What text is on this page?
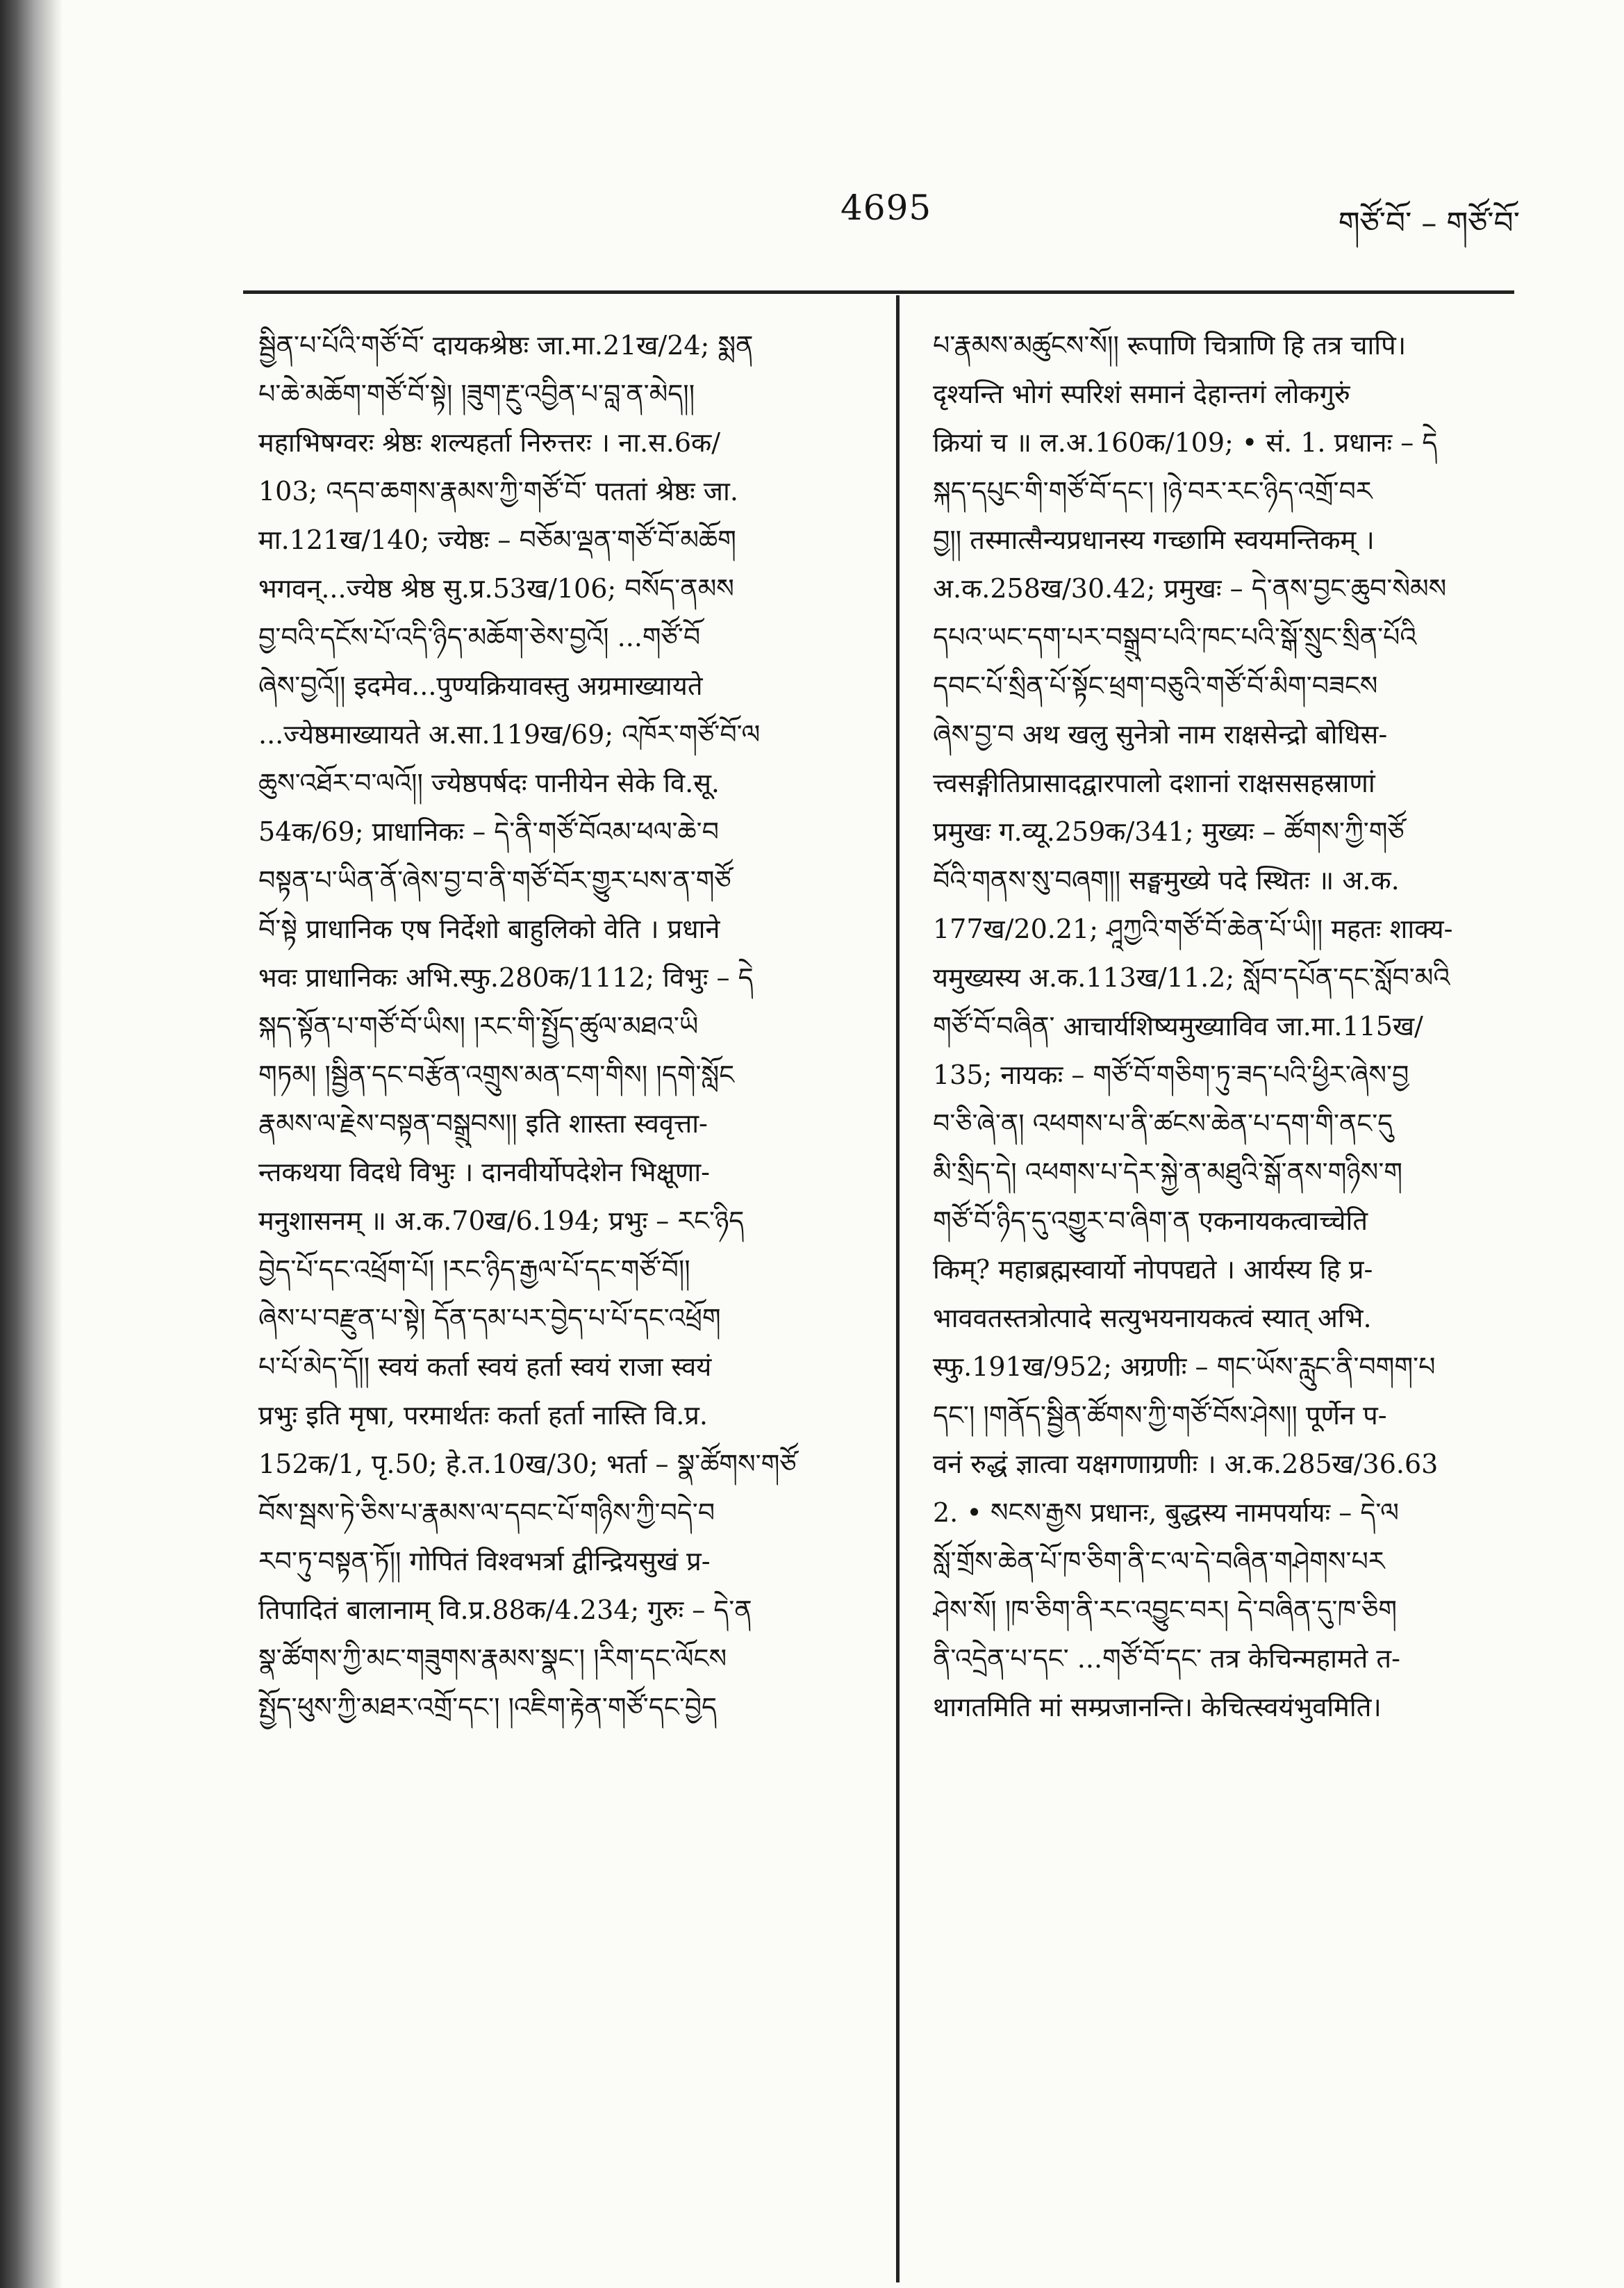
4695	གཙོ་བོ་ – གཙོ་བོ་
སྦྱིན་པ་པོའི་གཙོ་བོ་ दायकश्रेष्ठः जा.मा.21ख/24; སྨན
པ་ཆེ་མཆོག་གཙོ་བོ་སྟེ། །ཟུག་རྔུ་འབྱིན་པ་བླ་ན་མེད།།
महाभिषग्वरः श्रेष्ठः शल्यहर्ता निरुत्तरः । ना.स.6क/
103; འདབ་ཆགས་རྣམས་ཀྱི་གཙོ་བོ་ पततां श्रेष्ठः जा.
मा.121ख/140; ज्येष्ठः – བཅོམ་ལྡན་གཙོ་བོ་མཆོག
भगवन्...ज्येष्ठ श्रेष्ठ सु.प्र.53ख/106; བསོད་ནམས
བྱ་བའི་དངོས་པོ་འདི་ཉིད་མཆོག་ཅེས་བྱའོ། ...གཙོ་བོ
ཞེས་བྱའོ།། इदमेव...पुण्यक्रियावस्तु अग्रमाख्यायते
...ज्येष्ठमाख्यायते अ.सा.119ख/69; འཁོར་གཙོ་བོ་ལ
ཆུས་འཐོར་བ་ལའོ།། ज्येष्ठपर्षदः पानीयेन सेके वि.सू.
54क/69; प्राधानिकः – དེ་ནི་གཙོ་བོའམ་ཕལ་ཆེ་བ
བསྟན་པ་ཡིན་ནོ་ཞེས་བྱ་བ་ནི་གཙོ་བོར་གྱུར་པས་ན་གཙོ
བོ་སྟེ प्राधानिक एष निर्देशो बाहुलिको वेति । प्रधाने
भवः प्राधानिकः अभि.स्फु.280क/1112; विभुः – དེ
སྐད་སྟོན་པ་གཙོ་བོ་ཡིས། །རང་གི་སྤྱོད་ཚུལ་མཐའ་ཡི
གཏམ། །སྦྱིན་དང་བརྩོན་འགྲུས་མན་ངག་གིས། །དགེ་སློང
རྣམས་ལ་རྗེས་བསྟན་བསྒྲུབས།། इति शास्ता स्ववृत्ता-
न्तकथया विदधे विभुः । दानवीर्योपदेशेन भिक्षूणा-
मनुशासनम् ॥ अ.क.70ख/6.194; प्रभुः – རང་ཉིད
བྱེད་པོ་དང་འཕྲོག་པོ། །རང་ཉིད་རྒྱལ་པོ་དང་གཙོ་བོ།།
ཞེས་པ་བརྫུན་པ་སྟེ། དོན་དམ་པར་བྱེད་པ་པོ་དང་འཕྲོག
པ་པོ་མེད་དོ།། स्वयं कर्ता स्वयं हर्ता स्वयं राजा स्वयं
प्रभुः इति मृषा, परमार्थतः कर्ता हर्ता नास्ति वि.प्र.
152क/1, पृ.50; हे.त.10ख/30; भर्ता – སྣ་ཚོགས་གཙོ
བོས་སྦས་ཏེ་ཅིས་པ་རྣམས་ལ་དབང་པོ་གཉིས་ཀྱི་བདེ་བ
རབ་ཏུ་བསྟན་ཏོ།། गोपितं विश्वभर्त्रा द्वीन्द्रियसुखं प्र-
तिपादितं बालानाम् वि.प्र.88क/4.234; गुरुः – དེ་ན
སྣ་ཚོགས་ཀྱི་མང་གཟུགས་རྣམས་སྣང་། །རིག་དང་ལོངས
སྤྱོད་ཕུས་ཀྱི་མཐར་འགྲོ་དང་། །འཇིག་རྟེན་གཙོ་དང་བྱེད
པ་རྣམས་མཚུངས་སོ།། रूपाणि चित्राणि हि तत्र चापि।
दृश्यन्ति भोगं स्परिशं समानं देहान्तगं लोकगुरुं
क्रियां च ॥ ल.अ.160क/109; • सं. 1. प्रधानः – དེ
སྐད་དཔུང་གི་གཙོ་བོ་དང་། །ཉེ་བར་རང་ཉིད་འགྲོ་བར
བྱ།། तस्मात्सैन्यप्रधानस्य गच्छामि स्वयमन्तिकम् ।
अ.क.258ख/30.42; प्रमुखः – དེ་ནས་བྱང་ཆུབ་སེམས
དཔའ་ཡང་དག་པར་བསྒྲུབ་པའི་ཁང་པའི་སྒོ་སྲུང་སྲིན་པོའི
དབང་པོ་སྲིན་པོ་སྟོང་ཕྲག་བཅུའི་གཙོ་བོ་མིག་བཟངས
ཞེས་བྱ་བ अथ खलु सुनेत्रो नाम राक्षसेन्द्रो बोधिस-
त्त्वसङ्गीतिप्रासादद्वारपालो दशानां राक्षससहस्राणां
प्रमुखः ग.व्यू.259क/341; मुख्यः – ཚོགས་ཀྱི་གཙོ
བོའི་གནས་སུ་བཞག།། सङ्घमुख्ये पदे स्थितः ॥ अ.क.
177ख/20.21; ཤཱཀྱའི་གཙོ་བོ་ཆེན་པོ་ཡི།། महतः शाक्य-
यमुख्यस्य अ.क.113ख/11.2; སློབ་དཔོན་དང་སློབ་མའི
གཙོ་བོ་བཞིན་ आचार्यशिष्यमुख्याविव जा.मा.115ख/
135; नायकः – གཙོ་བོ་གཅིག་ཏུ་ཟད་པའི་ཕྱིར་ཞེས་བྱ
བ་ཅི་ཞེ་ན། འཕགས་པ་ནི་ཚངས་ཆེན་པ་དག་གི་ནང་དུ
མི་སྲིད་དེ། འཕགས་པ་དེར་སྐྱེ་ན་མཐུའི་སྒོ་ནས་གཉིས་ག
གཙོ་བོ་ཉིད་དུ་འགྱུར་བ་ཞིག་ན एकनायकत्वाच्चेति
किम्? महाब्रह्मस्वार्यो नोपपद्यते । आर्यस्य हि प्र-
भाववतस्तत्रोत्पादे सत्युभयनायकत्वं स्यात् अभि.
स्फु.191ख/952; अग्रणीः – གང་ཡོས་རླུང་ནི་བགག་པ
དང་། །གནོད་སྦྱིན་ཚོགས་ཀྱི་གཙོ་བོས་ཤེས།། पूर्णेन प-
वनं रुद्धं ज्ञात्वा यक्षगणाग्रणीः । अ.क.285ख/36.63
2. • སངས་རྒྱས प्रधानः, बुद्धस्य नामपर्यायः – དེ་ལ
སློ་གྲོས་ཆེན་པོ་ཁ་ཅིག་ནི་ང་ལ་དེ་བཞིན་གཤེགས་པར
ཤེས་སོ། །ཁ་ཅིག་ནི་རང་འབྱུང་བར། དེ་བཞིན་དུ་ཁ་ཅིག
ནི་འདྲེན་པ་དང་ ...གཙོ་བོ་དང་ तत्र केचिन्महामते त-
थागतमिति मां सम्प्रजानन्ति। केचित्स्वयंभुवमिति।
